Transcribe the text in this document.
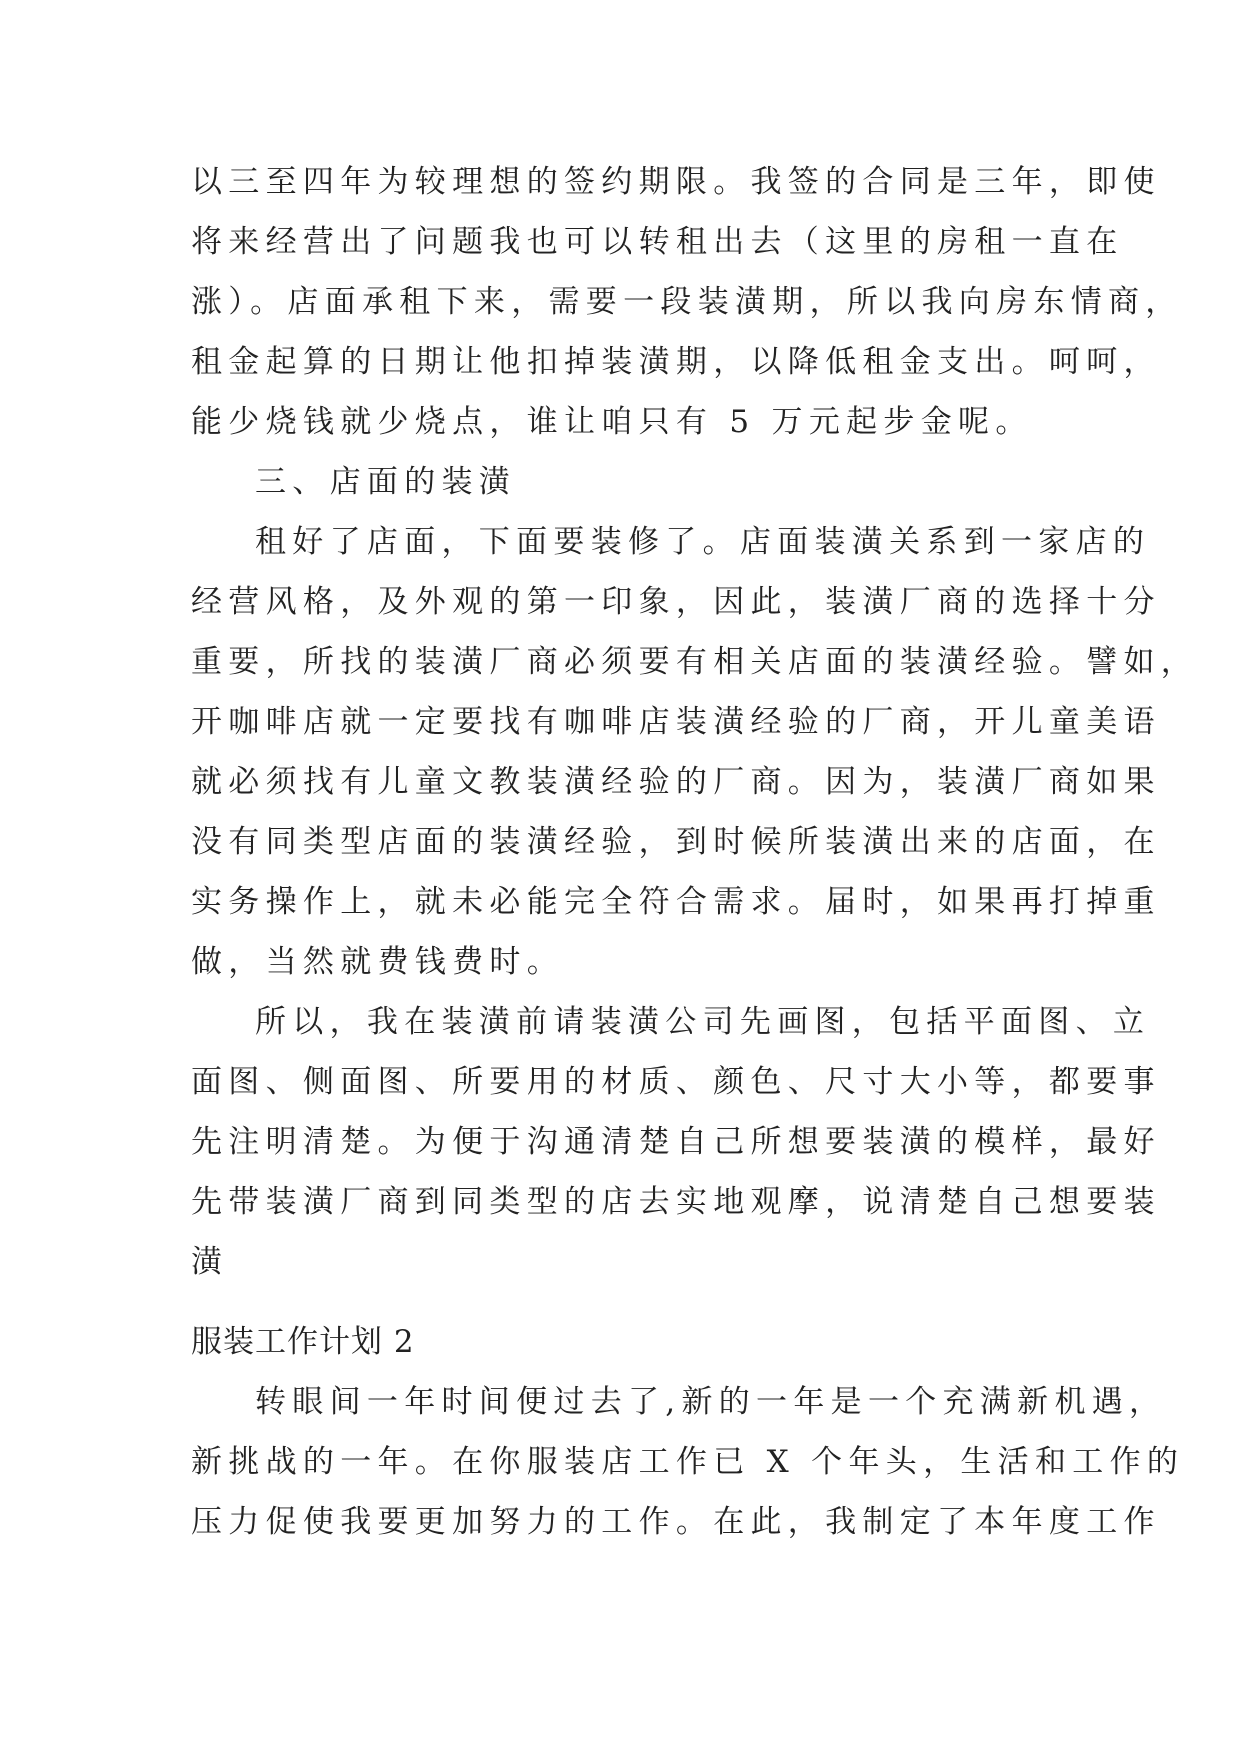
以三至四年为较理想的签约期限。我签的合同是三年，即使
将来经营出了问题我也可以转租出去（这里的房租一直在
涨）。店面承租下来，需要一段装潢期，所以我向房东情商，
租金起算的日期让他扣掉装潢期，以降低租金支出。呵呵，
能少烧钱就少烧点，谁让咱只有 5 万元起步金呢。
三、店面的装潢
租好了店面，下面要装修了。店面装潢关系到一家店的
经营风格，及外观的第一印象，因此，装潢厂商的选择十分
重要，所找的装潢厂商必须要有相关店面的装潢经验。譬如，
开咖啡店就一定要找有咖啡店装潢经验的厂商，开儿童美语
就必须找有儿童文教装潢经验的厂商。因为，装潢厂商如果
没有同类型店面的装潢经验，到时候所装潢出来的店面，在
实务操作上，就未必能完全符合需求。届时，如果再打掉重
做，当然就费钱费时。
所以，我在装潢前请装潢公司先画图，包括平面图、立
面图、侧面图、所要用的材质、颜色、尺寸大小等，都要事
先注明清楚。为便于沟通清楚自己所想要装潢的模样，最好
先带装潢厂商到同类型的店去实地观摩，说清楚自己想要装
潢
服装工作计划 2
转眼间一年时间便过去了,新的一年是一个充满新机遇，
新挑战的一年。在你服装店工作已 X 个年头，生活和工作的
压力促使我要更加努力的工作。在此，我制定了本年度工作
